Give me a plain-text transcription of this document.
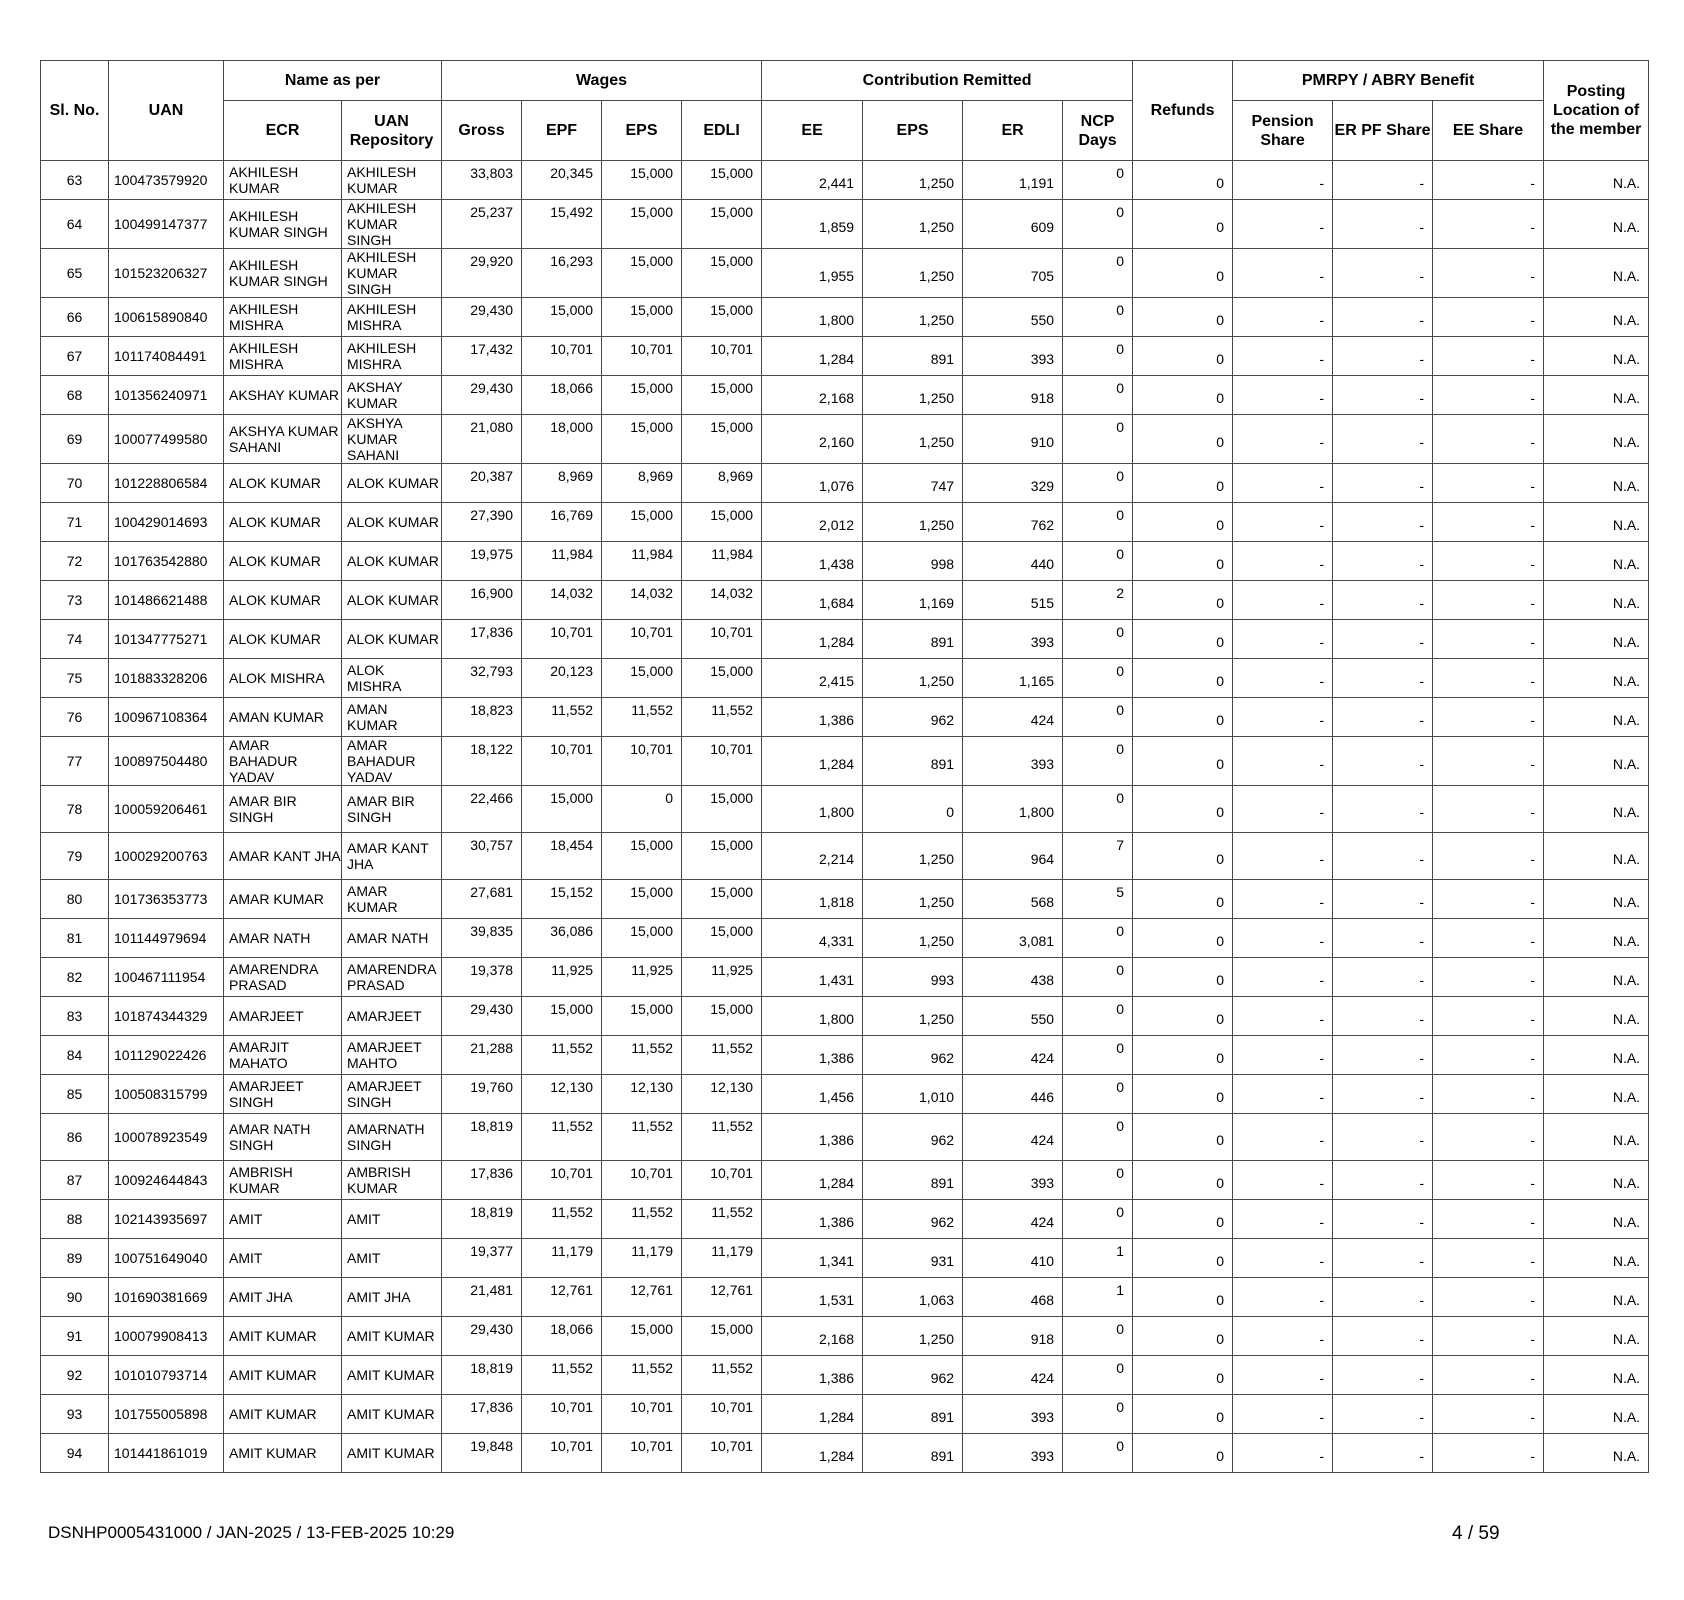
Sl. No.	UAN	Name as per		Wages				Contribution Remitted				Refunds	PMRPY / ABRY Benefit			Posting Location of the member
		ECR	UAN Repository	Gross	EPF	EPS	EDLI	EE	EPS	ER	NCP Days		Pension Share	ER PF Share	EE Share	
63	100473579920	AKHILESH KUMAR	AKHILESH KUMAR	33,803	20,345	15,000	15,000	2,441	1,250	1,191	0	0	-	-	-	N.A.
64	100499147377	AKHILESH KUMAR SINGH	AKHILESH KUMAR SINGH	25,237	15,492	15,000	15,000	1,859	1,250	609	0	0	-	-	-	N.A.
65	101523206327	AKHILESH KUMAR SINGH	AKHILESH KUMAR SINGH	29,920	16,293	15,000	15,000	1,955	1,250	705	0	0	-	-	-	N.A.
66	100615890840	AKHILESH MISHRA	AKHILESH MISHRA	29,430	15,000	15,000	15,000	1,800	1,250	550	0	0	-	-	-	N.A.
67	101174084491	AKHILESH MISHRA	AKHILESH MISHRA	17,432	10,701	10,701	10,701	1,284	891	393	0	0	-	-	-	N.A.
68	101356240971	AKSHAY KUMAR	AKSHAY KUMAR	29,430	18,066	15,000	15,000	2,168	1,250	918	0	0	-	-	-	N.A.
69	100077499580	AKSHYA KUMAR SAHANI	AKSHYA KUMAR SAHANI	21,080	18,000	15,000	15,000	2,160	1,250	910	0	0	-	-	-	N.A.
70	101228806584	ALOK KUMAR	ALOK KUMAR	20,387	8,969	8,969	8,969	1,076	747	329	0	0	-	-	-	N.A.
71	100429014693	ALOK KUMAR	ALOK KUMAR	27,390	16,769	15,000	15,000	2,012	1,250	762	0	0	-	-	-	N.A.
72	101763542880	ALOK KUMAR	ALOK KUMAR	19,975	11,984	11,984	11,984	1,438	998	440	0	0	-	-	-	N.A.
73	101486621488	ALOK KUMAR	ALOK KUMAR	16,900	14,032	14,032	14,032	1,684	1,169	515	2	0	-	-	-	N.A.
74	101347775271	ALOK KUMAR	ALOK KUMAR	17,836	10,701	10,701	10,701	1,284	891	393	0	0	-	-	-	N.A.
75	101883328206	ALOK MISHRA	ALOK MISHRA	32,793	20,123	15,000	15,000	2,415	1,250	1,165	0	0	-	-	-	N.A.
76	100967108364	AMAN KUMAR	AMAN KUMAR	18,823	11,552	11,552	11,552	1,386	962	424	0	0	-	-	-	N.A.
77	100897504480	AMAR BAHADUR YADAV	AMAR BAHADUR YADAV	18,122	10,701	10,701	10,701	1,284	891	393	0	0	-	-	-	N.A.
78	100059206461	AMAR BIR SINGH	AMAR BIR SINGH	22,466	15,000	0	15,000	1,800	0	1,800	0	0	-	-	-	N.A.
79	100029200763	AMAR KANT JHA	AMAR KANT JHA	30,757	18,454	15,000	15,000	2,214	1,250	964	7	0	-	-	-	N.A.
80	101736353773	AMAR KUMAR	AMAR KUMAR	27,681	15,152	15,000	15,000	1,818	1,250	568	5	0	-	-	-	N.A.
81	101144979694	AMAR NATH	AMAR NATH	39,835	36,086	15,000	15,000	4,331	1,250	3,081	0	0	-	-	-	N.A.
82	100467111954	AMARENDRA PRASAD	AMARENDRA PRASAD	19,378	11,925	11,925	11,925	1,431	993	438	0	0	-	-	-	N.A.
83	101874344329	AMARJEET	AMARJEET	29,430	15,000	15,000	15,000	1,800	1,250	550	0	0	-	-	-	N.A.
84	101129022426	AMARJIT MAHATO	AMARJEET MAHTO	21,288	11,552	11,552	11,552	1,386	962	424	0	0	-	-	-	N.A.
85	100508315799	AMARJEET SINGH	AMARJEET SINGH	19,760	12,130	12,130	12,130	1,456	1,010	446	0	0	-	-	-	N.A.
86	100078923549	AMAR NATH SINGH	AMARNATH SINGH	18,819	11,552	11,552	11,552	1,386	962	424	0	0	-	-	-	N.A.
87	100924644843	AMBRISH KUMAR	AMBRISH KUMAR	17,836	10,701	10,701	10,701	1,284	891	393	0	0	-	-	-	N.A.
88	102143935697	AMIT	AMIT	18,819	11,552	11,552	11,552	1,386	962	424	0	0	-	-	-	N.A.
89	100751649040	AMIT	AMIT	19,377	11,179	11,179	11,179	1,341	931	410	1	0	-	-	-	N.A.
90	101690381669	AMIT JHA	AMIT JHA	21,481	12,761	12,761	12,761	1,531	1,063	468	1	0	-	-	-	N.A.
91	100079908413	AMIT KUMAR	AMIT KUMAR	29,430	18,066	15,000	15,000	2,168	1,250	918	0	0	-	-	-	N.A.
92	101010793714	AMIT KUMAR	AMIT KUMAR	18,819	11,552	11,552	11,552	1,386	962	424	0	0	-	-	-	N.A.
93	101755005898	AMIT KUMAR	AMIT KUMAR	17,836	10,701	10,701	10,701	1,284	891	393	0	0	-	-	-	N.A.
94	101441861019	AMIT KUMAR	AMIT KUMAR	19,848	10,701	10,701	10,701	1,284	891	393	0	0	-	-	-	N.A.
DSNHP0005431000 / JAN-2025 / 13-FEB-2025 10:29	4 / 59
